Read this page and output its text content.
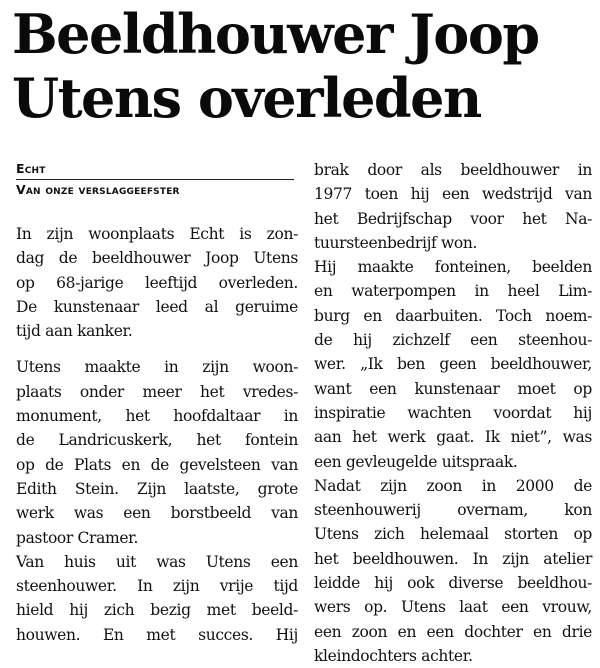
Beeldhouwer Joop
Utens overleden

Echt

Van onze verslaggeefster

In zijn woonplaats Echt is zon-
dag de beeldhouwer Joop Utens
op 68-jarige leeftijd overleden.
De kunstenaar leed al geruime
tijd aan kanker.

Utens maakte in zijn woon-
plaats onder meer het vredes-
monument, het hoofdaltaar in
de Landricuskerk, het fontein
op de Plats en de gevelsteen van
Edith Stein. Zijn laatste, grote
werk was een borstbeeld van
pastoor Cramer.

Van huis uit was Utens een
steenhouwer. In zijn vrije tijd
hield hij zich bezig met beeld-
houwen. En met succes. Hij

brak door als beeldhouwer in
1977 toen hij een wedstrijd van
het Bedrijfschap voor het Na-
tuursteenbedrijf won.

Hij maakte fonteinen, beelden
en waterpompen in heel Lim-
burg en daarbuiten. Toch noem-
de hij zichzelf een steenhou-
wer. „Ik ben geen beeldhouwer,
want een kunstenaar moet op
inspiratie wachten voordat hij
aan het werk gaat. Ik niet”, was
een gevleugelde uitspraak.

Nadat zijn zoon in 2000 de
steenhouwerij overnam, kon
Utens zich helemaal storten op
het beeldhouwen. In zijn atelier
leidde hij ook diverse beeldhou-
wers op. Utens laat een vrouw,
een zoon en een dochter en drie
kleindochters achter.
